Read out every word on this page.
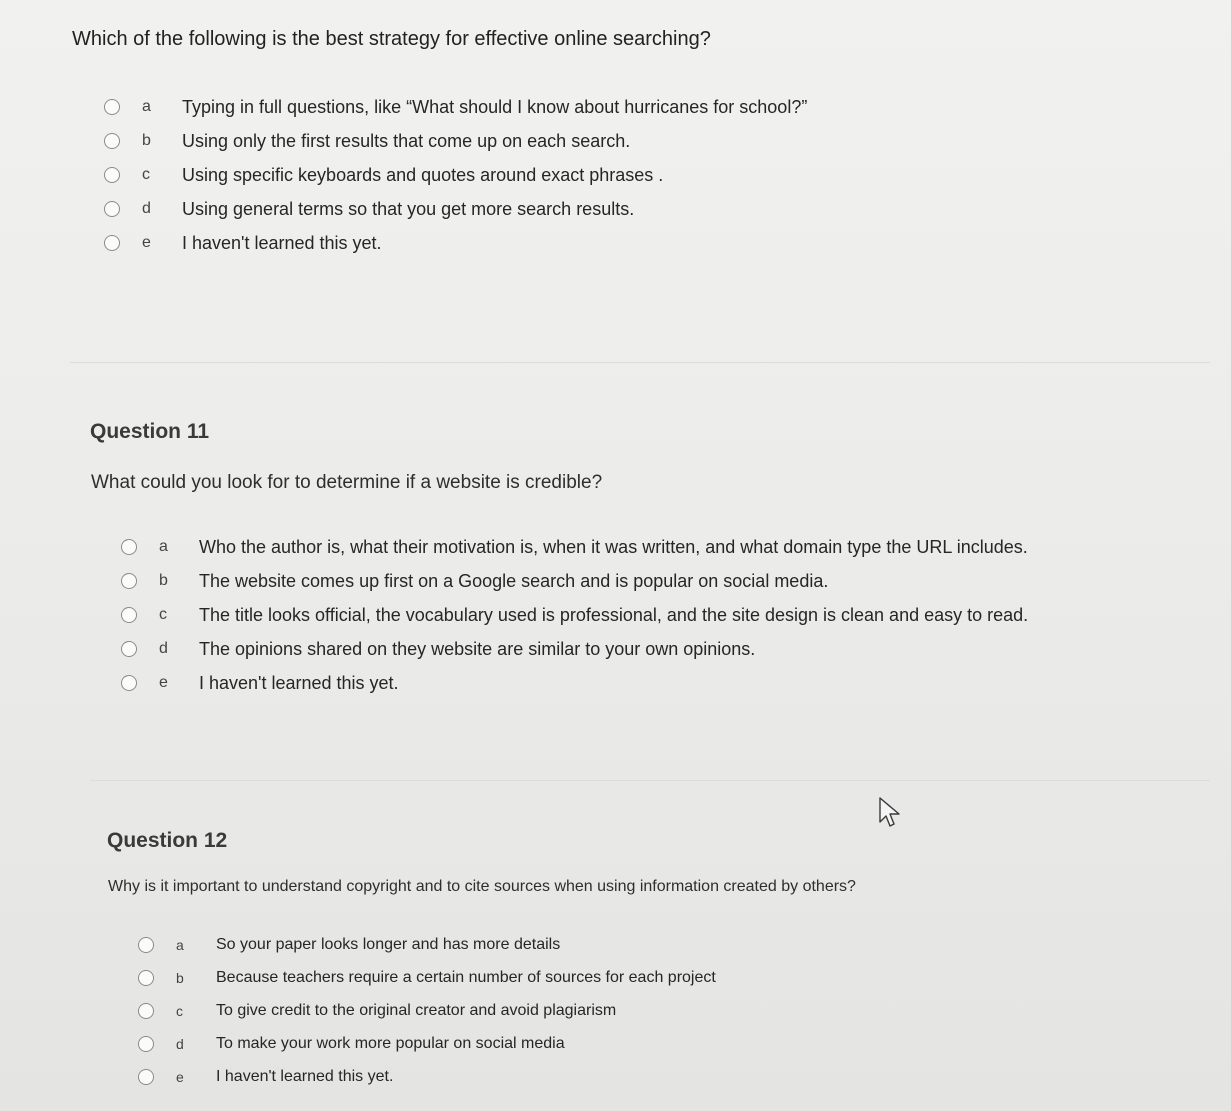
Which of the following is the best strategy for effective online searching?
a	Typing in full questions, like “What should I know about hurricanes for school?”
b	Using only the first results that come up on each search.
c	Using specific keyboards and quotes around exact phrases .
d	Using general terms so that you get more search results.
e	I haven't learned this yet.
Question 11
What could you look for to determine if a website is credible?
a	Who the author is, what their motivation is, when it was written, and what domain type the URL includes.
b	The website comes up first on a Google search and is popular on social media.
c	The title looks official, the vocabulary used is professional, and the site design is clean and easy to read.
d	The opinions shared on they website are similar to your own opinions.
e	I haven't learned this yet.
Question 12
Why is it important to understand copyright and to cite sources when using information created by others?
a	So your paper looks longer and has more details
b	Because teachers require a certain number of sources for each project
c	To give credit to the original creator and avoid plagiarism
d	To make your work more popular on social media
e	I haven't learned this yet.
